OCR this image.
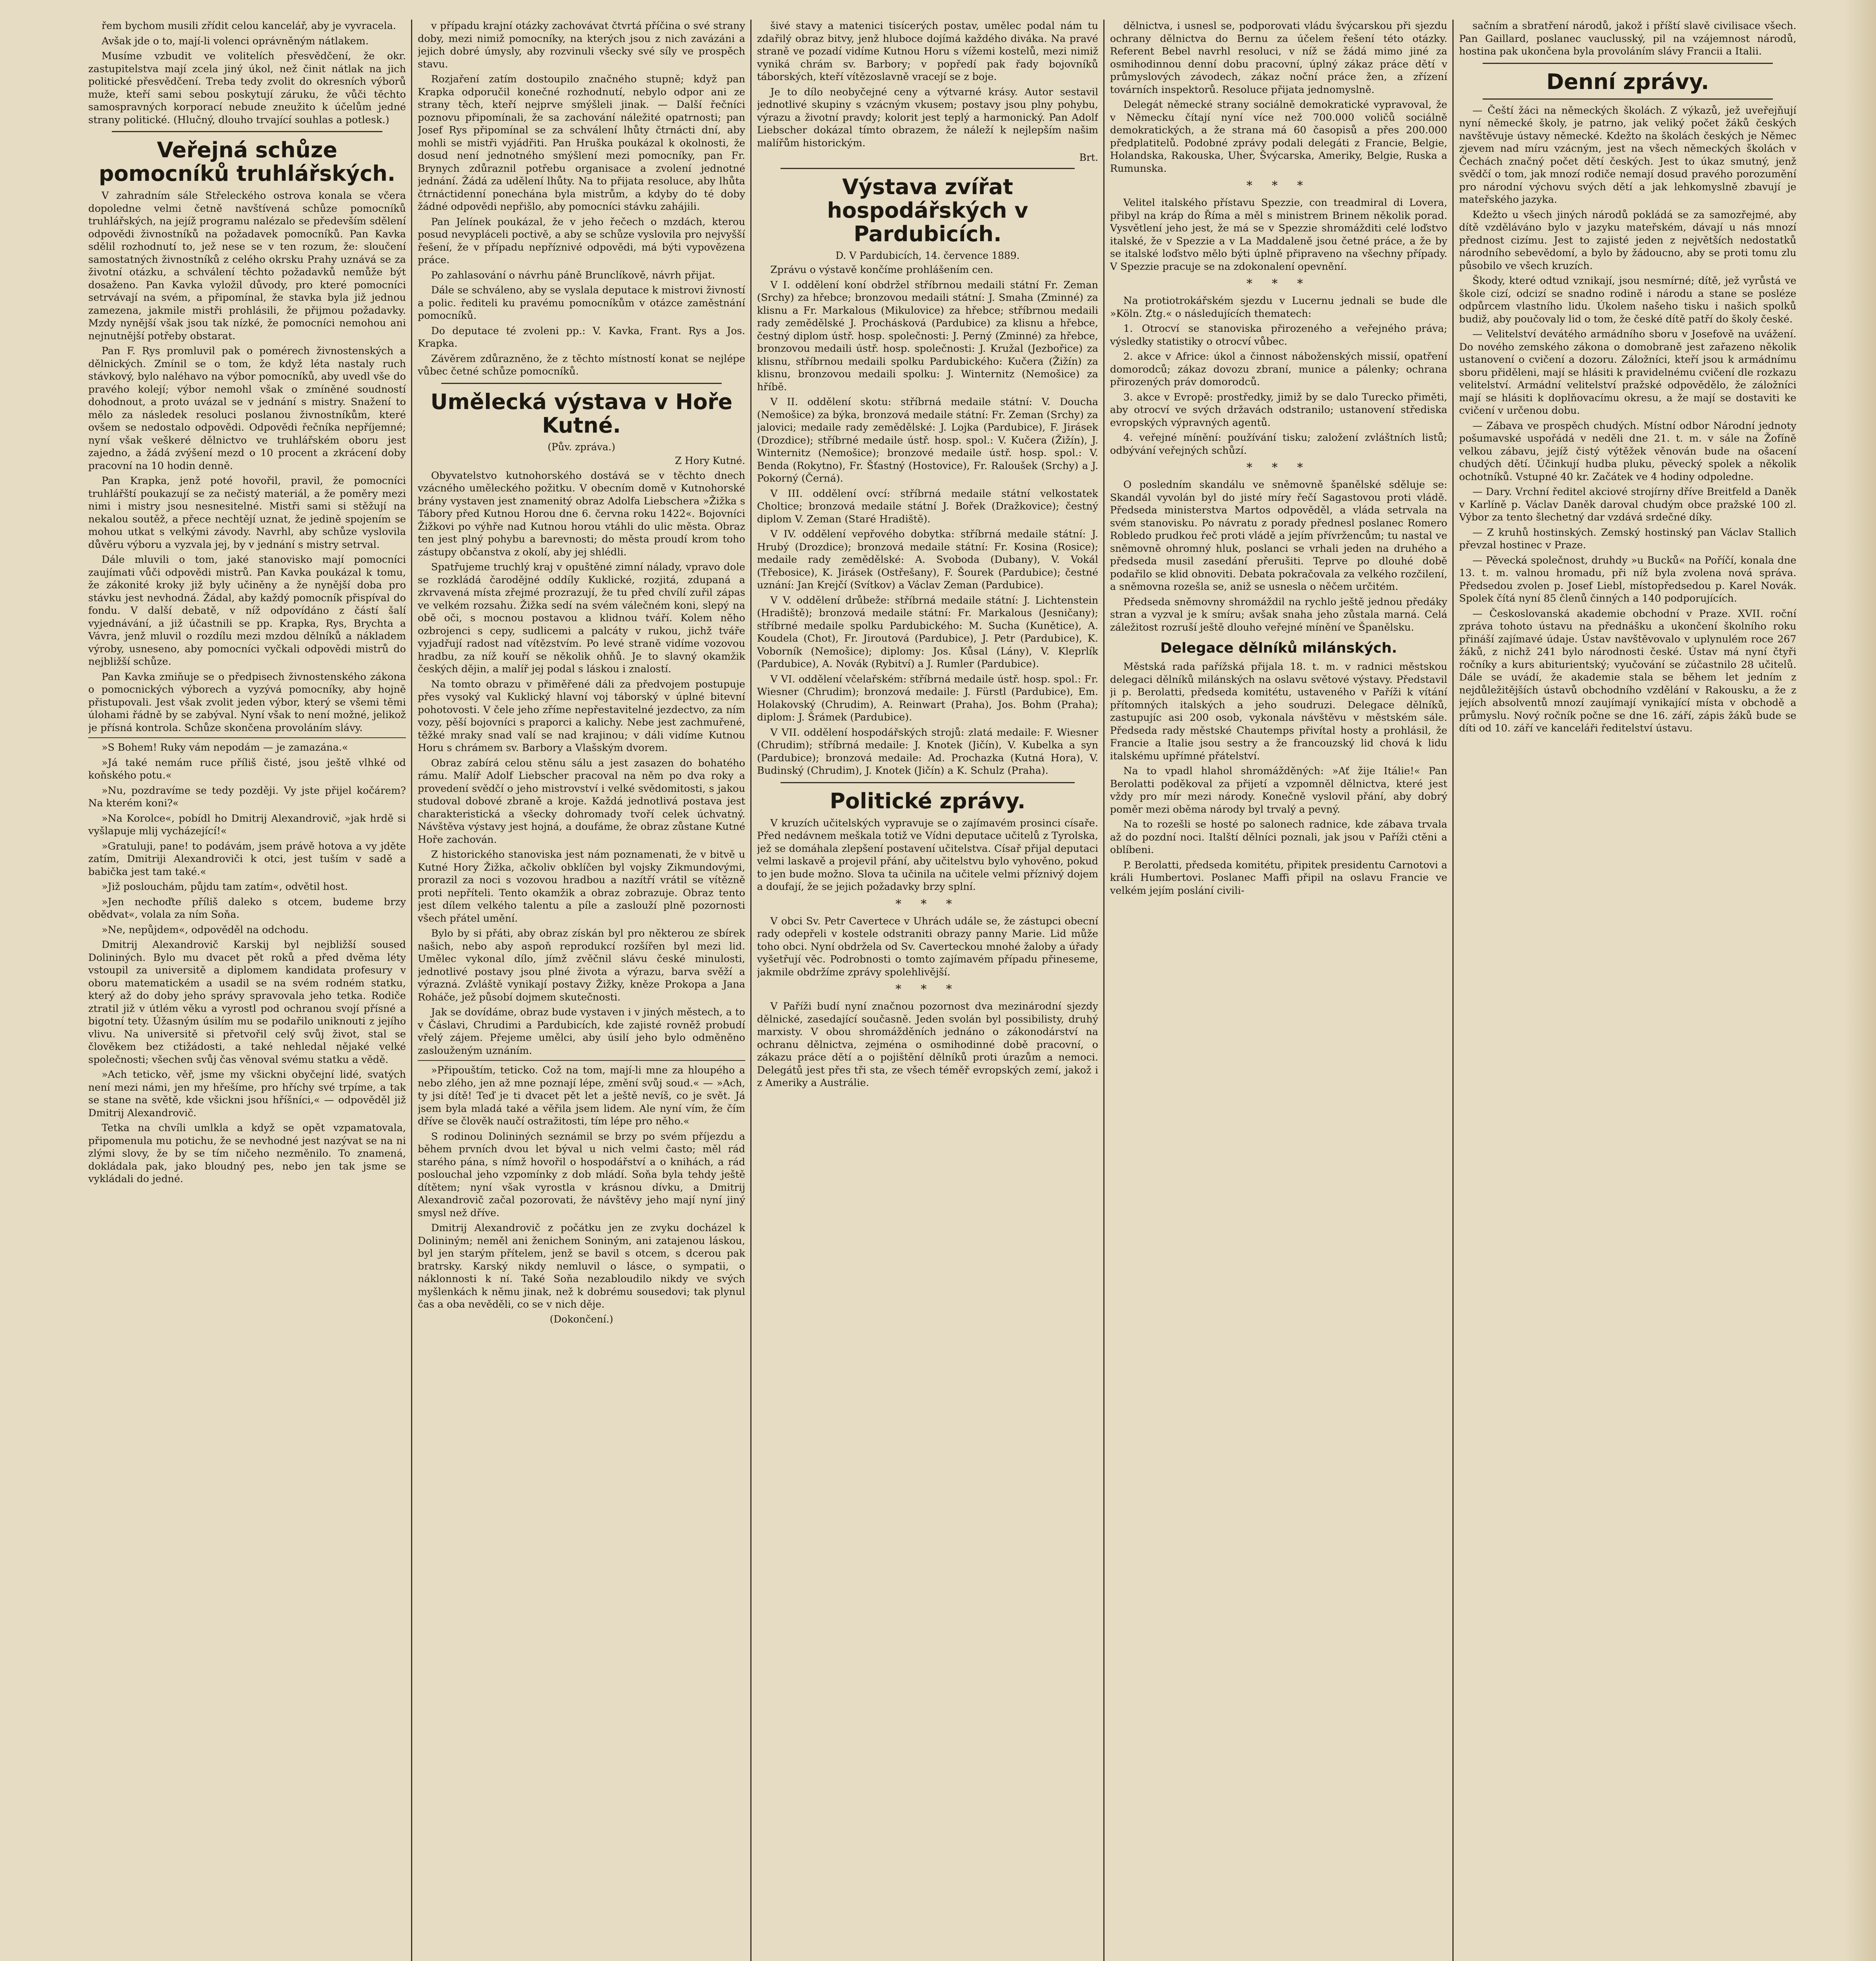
řem bychom musili zřídit celou kancelář, aby je vyvracela.

Avšak jde o to, mají-li volenci oprávněným nátlakem.

Musíme vzbudit ve volitelích přesvědčení, že okr. zastupitelstva mají zcela jiný úkol, než činit nátlak na jich politické přesvědčení. Treba tedy zvolit do okresních výborů muže, kteří sami sebou poskytují záruku, že vůči těchto samospravných korporací nebude zneužito k účelům jedné strany politické. (Hlučný, dlouho trvající souhlas a potlesk.)

Veřejná schůze pomocníků truhlářských.

V zahradním sále Střeleckého ostrova konala se včera dopoledne velmi četně navštívená schůze pomocníků truhlářských, na jejíž programu nalézalo se především sdělení odpovědi živnostníků na požadavek pomocníků. Pan Kavka sdělil rozhodnutí to, jež nese se v ten rozum, že: sloučení samostatných živnostníků z celého okrsku Prahy uznává se za životní otázku, a schválení těchto požadavků nemůže být dosaženo. Pan Kavka vyložil důvody, pro které pomocníci setrvávají na svém, a připomínal, že stavka byla již jednou zamezena, jakmile mistři prohlásili, že přijmou požadavky. Mzdy nynější však jsou tak nízké, že pomocníci nemohou ani nejnutnější potřeby obstarat.

Pan F. Rys promluvil pak o pomérech živnostenských a dělnických. Zmínil se o tom, že když léta nastaly ruch stávkový, bylo naléhavo na výbor pomocníků, aby uvedl vše do pravého kolejí; výbor nemohl však o zmíněné soudností dohodnout, a proto uvázal se v jednání s mistry. Snažení to mělo za následek resoluci poslanou živnostníkům, které ovšem se nedostalo odpovědi. Odpovědi řečníka nepříjemné; nyní však veškeré dělnictvo ve truhlářském oboru jest zajedno, a žádá zvýšení mezd o 10 procent a zkrácení doby pracovní na 10 hodin denně.

Pan Krapka, jenž poté hovořil, pravil, že pomocníci truhlářští poukazují se za nečistý materiál, a že poměry mezi nimi i mistry jsou nesnesitelné. Mistři sami si stěžují na nekalou soutěž, a přece nechtějí uznat, že jedině spojením se mohou utkat s velkými závody. Navrhl, aby schůze vyslovila důvěru výboru a vyzvala jej, by v jednání s mistry setrval.

Dále mluvili o tom, jaké stanovisko mají pomocníci zaujímati vůči odpovědi mistrů. Pan Kavka poukázal k tomu, že zákonité kroky již byly učiněny a že nynější doba pro stávku jest nevhodná. Žádal, aby každý pomocník přispíval do fondu. V další debatě, v níž odpovídáno z částí šalí vyjednávání, a již účastnili se pp. Krapka, Rys, Brychta a Vávra, jenž mluvil o rozdílu mezi mzdou dělníků a nákladem výroby, usneseno, aby pomocníci vyčkali odpovědi mistrů do nejbližší schůze.

Pan Kavka zmiňuje se o předpisech živnostenského zákona o pomocnických výborech a vyzývá pomocníky, aby hojně přistupovali. Jest však zvolit jeden výbor, který se všemi těmi úlohami řádně by se zabýval. Nyní však to není možné, jelikož je přísná kontrola. Schůze skončena provoláním slávy.

»S Bohem! Ruky vám nepodám — je zamazána.«

»Já také nemám ruce příliš čisté, jsou ještě vlhké od koňského potu.«

»Nu, pozdravíme se tedy později. Vy jste přijel kočárem? Na kterém koni?«

»Na Korolce«, pobídl ho Dmitrij Alexandrovič, »jak hrdě si vyšlapuje mlij vycházející!«

»Gratuluji, pane! to podávám, jsem právě hotova a vy jděte zatím, Dmitriji Alexandroviči k otci, jest tuším v sadě a babička jest tam také.«

»Již poslouchám, půjdu tam zatím«, odvětil host.

»Jen nechoďte příliš daleko s otcem, budeme brzy obědvat«, volala za ním Soňa.

»Ne, nepůjdem«, odpověděl na odchodu.

Dmitrij Alexandrovič Karskij byl nejbližší soused Dolininých. Bylo mu dvacet pět roků a před dvěma léty vstoupil za universitě a diplomem kandidata profesury v oboru matematickém a usadil se na svém rodném statku, který až do doby jeho správy spravovala jeho tetka. Rodiče ztratil již v útlém věku a vyrostl pod ochranou svojí přísné a bigotní tety. Úžasným úsilím mu se podařilo uniknouti z jejího vlivu. Na universitě si přetvořil celý svůj život, stal se člověkem bez ctižádosti, a také nehledal nějaké velké společnosti; všechen svůj čas věnoval svému statku a vědě.

»Ach teticko, věř, jsme my všickni obyčejní lidé, svatých není mezi námi, jen my hřešíme, pro hříchy své trpíme, a tak se stane na světě, kde všickni jsou hříšníci,« — odpověděl již Dmitrij Alexandrovič.

Tetka na chvíli umlkla a když se opět vzpamatovala, připomenula mu potichu, že se nevhodné jest nazývat se na ni zlými slovy, že by se tím ničeho nezměnilo. To znamená, dokládala pak, jako bloudný pes, nebo jen tak jsme se vykládali do jedné.

v případu krajní otázky zachovávat čtvrtá příčina o své strany doby, mezi nimiž pomocníky, na kterých jsou z nich zavázáni a jejich dobré úmysly, aby rozvinuli všecky své síly ve prospěch stavu.

Rozjaření zatím dostoupilo značného stupně; když pan Krapka odporučil konečné rozhodnutí, nebylo odpor ani ze strany těch, kteří nejprve smýšleli jinak. — Další řečníci poznovu připomínali, že sa zachování náležité opatrnosti; pan Josef Rys připomínal se za schválení lhůty čtrnácti dní, aby mohli se mistři vyjádřiti. Pan Hruška poukázal k okolnosti, že dosud není jednotného smýšlení mezi pomocníky, pan Fr. Brynych zdůraznil potřebu organisace a zvolení jednotné jednání. Žádá za udělení lhůty. Na to přijata resoluce, aby lhůta čtrnáctidenní ponechána byla mistrům, a kdyby do té doby žádné odpovědi nepřišlo, aby pomocníci stávku zahájili.

Pan Jelínek poukázal, že v jeho řečech o mzdách, kterou posud nevypláceli poctivě, a aby se schůze vyslovila pro nejvyšší řešení, že v případu nepříznivé odpovědi, má býti vypovězena práce.

Po zahlasování o návrhu páně Brunclíkově, návrh přijat.

Dále se schváleno, aby se vyslala deputace k mistrovi živností a polic. řediteli ku pravému pomocníkům v otázce zaměstnání pomocníků.

Do deputace té zvoleni pp.: V. Kavka, Frant. Rys a Jos. Krapka.

Závěrem zdůrazněno, že z těchto místností konat se nejlépe vůbec četné schůze pomocníků.

Umělecká výstava v Hoře Kutné.
(Pův. zpráva.)
Z Hory Kutné.

Obyvatelstvo kutnohorského dostává se v těchto dnech vzácného uměleckého požitku. V obecním domě v Kutnohorské brány vystaven jest znamenitý obraz Adolfa Liebschera »Žižka s Tábory před Kutnou Horou dne 6. června roku 1422«. Bojovníci Žižkovi po výhře nad Kutnou horou vtáhli do ulic města. Obraz ten jest plný pohybu a barevnosti; do města proudí krom toho zástupy občanstva z okolí, aby jej shlédli.

Spatřujeme truchlý kraj v opuštěné zimní nálady, vpravo dole se rozkládá čarodějné oddíly Kuklické, rozjitá, zdupaná a zkrvavená místa zřejmé prozrazují, že tu před chvílí zuřil zápas ve velkém rozsahu. Žižka sedí na svém válečném koni, slepý na obě oči, s mocnou postavou a klidnou tváří. Kolem něho ozbrojenci s cepy, sudlicemi a palcáty v rukou, jichž tváře vyjadřují radost nad vítězstvím. Po levé straně vidíme vozovou hradbu, za níž kouří se několik ohňů. Je to slavný okamžik českých dějin, a malíř jej podal s láskou i znalostí.

Na tomto obrazu v přiměřené dáli za předvojem postupuje přes vysoký val Kuklický hlavní voj táborský v úplné bitevní pohotovosti. V čele jeho zříme nepřestavitelné jezdectvo, za ním vozy, pěší bojovníci s praporci a kalichy. Nebe jest zachmuřené, těžké mraky snad valí se nad krajinou; v dáli vidíme Kutnou Horu s chrámem sv. Barbory a Vlašským dvorem.

Obraz zabírá celou stěnu sálu a jest zasazen do bohatého rámu. Malíř Adolf Liebscher pracoval na něm po dva roky a provedení svědčí o jeho mistrovství i velké svědomitosti, s jakou studoval dobové zbraně a kroje. Každá jednotlivá postava jest charakteristická a všecky dohromady tvoří celek úchvatný. Návštěva výstavy jest hojná, a doufáme, že obraz zůstane Kutné Hoře zachován.

Z historického stanoviska jest nám poznamenati, že v bitvě u Kutné Hory Žižka, ačkoliv obklíčen byl vojsky Zikmundovými, prorazil za noci s vozovou hradbou a nazítří vrátil se vítězně proti nepříteli. Tento okamžik a obraz zobrazuje. Obraz tento jest dílem velkého talentu a píle a zaslouží plně pozornosti všech přátel umění.

Bylo by si přáti, aby obraz získán byl pro některou ze sbírek našich, nebo aby aspoň reprodukcí rozšířen byl mezi lid. Umělec vykonal dílo, jímž zvěčnil slávu české minulosti, jednotlivé postavy jsou plné života a výrazu, barva svěží a výrazná. Zvláště vynikají postavy Žižky, kněze Prokopa a Jana Roháče, jež působí dojmem skutečnosti.

Jak se dovídáme, obraz bude vystaven i v jiných městech, a to v Čáslavi, Chrudimi a Pardubicích, kde zajisté rovněž probudí vřelý zájem. Přejeme umělci, aby úsilí jeho bylo odměněno zaslouženým uznáním.

»Připouštím, teticko. Což na tom, mají-li mne za hloupého a nebo zlého, jen až mne poznají lépe, změní svůj soud.« — »Ach, ty jsi dítě! Teď je ti dvacet pět let a ještě nevíš, co je svět. Já jsem byla mladá také a věřila jsem lidem. Ale nyní vím, že čím dříve se člověk naučí ostražitosti, tím lépe pro něho.«

S rodinou Dolininých seznámil se brzy po svém příjezdu a během prvních dvou let býval u nich velmi často; měl rád starého pána, s nímž hovořil o hospodářství a o knihách, a rád poslouchal jeho vzpomínky z dob mládí. Soňa byla tehdy ještě dítětem; nyní však vyrostla v krásnou dívku, a Dmitrij Alexandrovič začal pozorovati, že návštěvy jeho mají nyní jiný smysl než dříve.

Dmitrij Alexandrovič z počátku jen ze zvyku docházel k Dolininým; neměl ani ženichem Soniným, ani zatajenou láskou, byl jen starým přítelem, jenž se bavil s otcem, s dcerou pak bratrsky. Karský nikdy nemluvil o lásce, o sympatii, o náklonnosti k ní. Také Soňa nezabloudilo nikdy ve svých myšlenkách k němu jinak, než k dobrému sousedovi; tak plynul čas a oba nevěděli, co se v nich děje.

(Dokončení.)

šivé stavy a matenici tisícerých postav, umělec podal nám tu zdařilý obraz bitvy, jenž hluboce dojímá každého diváka. Na pravé straně ve pozadí vidíme Kutnou Horu s vížemi kostelů, mezi nimiž vyniká chrám sv. Barbory; v popředí pak řady bojovníků táborských, kteří vítězoslavně vracejí se z boje.

Je to dílo neobyčejné ceny a výtvarné krásy. Autor sestavil jednotlivé skupiny s vzácným vkusem; postavy jsou plny pohybu, výrazu a životní pravdy; kolorit jest teplý a harmonický. Pan Adolf Liebscher dokázal tímto obrazem, že náleží k nejlepším našim malířům historickým.

Brt.
Výstava zvířat hospodářských v Pardubicích.
D. V Pardubicích, 14. července 1889.

Zprávu o výstavě končíme prohlášením cen.

V I. oddělení koní obdržel stříbrnou medaili státní Fr. Zeman (Srchy) za hřebce; bronzovou medaili státní: J. Smaha (Zminné) za klisnu a Fr. Markalous (Mikulovice) za hřebce; stříbrnou medaili rady zemědělské J. Prochásková (Pardubice) za klisnu a hřebce, čestný diplom ústř. hosp. společnosti: J. Perný (Zminné) za hřebce, bronzovou medaili ústř. hosp. společnosti: J. Kružal (Jezbořice) za klisnu, stříbrnou medaili spolku Pardubického: Kučera (Žižín) za klisnu, bronzovou medaili spolku: J. Winternitz (Nemošice) za hříbě.

V II. oddělení skotu: stříbrná medaile státní: V. Doucha (Nemošice) za býka, bronzová medaile státní: Fr. Zeman (Srchy) za jalovici; medaile rady zemědělské: J. Lojka (Pardubice), F. Jirásek (Drozdice); stříbrné medaile ústř. hosp. spol.: V. Kučera (Žižín), J. Winternitz (Nemošice); bronzové medaile ústř. hosp. spol.: V. Benda (Rokytno), Fr. Šťastný (Hostovice), Fr. Raloušek (Srchy) a J. Pokorný (Černá).

V III. oddělení ovcí: stříbrná medaile státní velkostatek Choltice; bronzová medaile státní J. Bořek (Dražkovice); čestný diplom V. Zeman (Staré Hradiště).

V IV. oddělení vepřového dobytka: stříbrná medaile státní: J. Hrubý (Drozdice); bronzová medaile státní: Fr. Kosina (Rosice); medaile rady zemědělské: A. Svoboda (Dubany), V. Vokál (Třebosice), K. Jirásek (Ostřešany), F. Šourek (Pardubice); čestné uznání: Jan Krejčí (Svítkov) a Václav Zeman (Pardubice).

V V. oddělení drůbeže: stříbrná medaile státní: J. Lichtenstein (Hradiště); bronzová medaile státní: Fr. Markalous (Jesničany); stříbrné medaile spolku Pardubického: M. Sucha (Kunětice), A. Koudela (Chot), Fr. Jiroutová (Pardubice), J. Petr (Pardubice), K. Voborník (Nemošice); diplomy: Jos. Kůsal (Lány), V. Kleprlík (Pardubice), A. Novák (Rybitví) a J. Rumler (Pardubice).

V VI. oddělení včelařském: stříbrná medaile ústř. hosp. spol.: Fr. Wiesner (Chrudim); bronzová medaile: J. Fürstl (Pardubice), Em. Holakovský (Chrudim), A. Reinwart (Praha), Jos. Bohm (Praha); diplom: J. Šrámek (Pardubice).

V VII. oddělení hospodářských strojů: zlatá medaile: F. Wiesner (Chrudim); stříbrná medaile: J. Knotek (Jičín), V. Kubelka a syn (Pardubice); bronzová medaile: Ad. Prochazka (Kutná Hora), V. Budinský (Chrudim), J. Knotek (Jičín) a K. Schulz (Praha).

Politické zprávy.

V kruzích učitelských vypravuje se o zajímavém prosinci císaře. Před nedávnem meškala totiž ve Vídni deputace učitelů z Tyrolska, jež se domáhala zlepšení postavení učitelstva. Císař přijal deputaci velmi laskavě a projevil přání, aby učitelstvu bylo vyhověno, pokud to jen bude možno. Slova ta učinila na učitele velmi příznivý dojem a doufají, že se jejich požadavky brzy splní.

* * *

V obci Sv. Petr Cavertece v Uhrách udále se, že zástupci obecní rady odepřeli v kostele odstraniti obrazy panny Marie. Lid může toho obci. Nyní obdržela od Sv. Caverteckou mnohé žaloby a úřady vyšetřují věc. Podrobnosti o tomto zajímavém případu přineseme, jakmile obdržíme zprávy spolehlivější.

* * *

V Paříži budí nyní značnou pozornost dva mezinárodní sjezdy dělnické, zasedající současně. Jeden svolán byl possibilisty, druhý marxisty. V obou shromážděních jednáno o zákonodárství na ochranu dělnictva, zejména o osmihodinné době pracovní, o zákazu práce dětí a o pojištění dělníků proti úrazům a nemoci. Delegátů jest přes tři sta, ze všech téměř evropských zemí, jakož i z Ameriky a Austrálie.

dělnictva, i usnesl se, podporovati vládu švýcarskou při sjezdu ochrany dělnictva do Bernu za účelem řešení této otázky. Referent Bebel navrhl resoluci, v níž se žádá mimo jiné za osmihodinnou denní dobu pracovní, úplný zákaz práce dětí v průmyslových závodech, zákaz noční práce žen, a zřízení továrních inspektorů. Resoluce přijata jednomyslně.

Delegát německé strany sociálně demokratické vypravoval, že v Německu čítají nyní více než 700.000 voličů sociálně demokratických, a že strana má 60 časopisů a přes 200.000 předplatitelů. Podobné zprávy podali delegáti z Francie, Belgie, Holandska, Rakouska, Uher, Švýcarska, Ameriky, Belgie, Ruska a Rumunska.

* * *

Velitel italského přístavu Spezzie, con treadmiral di Lovera, přibyl na kráp do Říma a měl s ministrem Brinem několik porad. Vysvětlení jeho jest, že má se v Spezzie shromážditi celé loďstvo italské, že v Spezzie a v La Maddaleně jsou četné práce, a že by se italské loďstvo mělo býti úplně připraveno na všechny případy. V Spezzie pracuje se na zdokonalení opevnění.

* * *

Na protiotrokářském sjezdu v Lucernu jednali se bude dle »Köln. Ztg.« o následujících thematech:

1. Otrocví se stanoviska přirozeného a veřejného práva; výsledky statistiky o otrocví vůbec.

2. akce v Africe: úkol a činnost náboženských missií, opatření domorodců; zákaz dovozu zbraní, munice a pálenky; ochrana přirozených práv domorodců.

3. akce v Evropě: prostředky, jimiž by se dalo Turecko přiměti, aby otrocví ve svých državách odstranilo; ustanovení střediska evropských výpravných agentů.

4. veřejné mínění: používání tisku; založení zvláštních listů; odbývání veřejných schůzí.

* * *

O posledním skandálu ve sněmovně španělské sděluje se: Skandál vyvolán byl do jisté míry řečí Sagastovou proti vládě. Předseda ministerstva Martos odpověděl, a vláda setrvala na svém stanovisku. Po návratu z porady přednesl poslanec Romero Robledo prudkou řeč proti vládě a jejím přívržencům; tu nastal ve sněmovně ohromný hluk, poslanci se vrhali jeden na druhého a předseda musil zasedání přerušiti. Teprve po dlouhé době podařilo se klid obnoviti. Debata pokračovala za velkého rozčilení, a sněmovna rozešla se, aniž se usnesla o něčem určitém.

Předseda sněmovny shromáždil na rychlo ještě jednou předáky stran a vyzval je k smíru; avšak snaha jeho zůstala marná. Celá záležitost rozruší ještě dlouho veřejné mínění ve Španělsku.

Delegace dělníků milánských.

Městská rada pařížská přijala 18. t. m. v radnici městskou delegaci dělníků milánských na oslavu světové výstavy. Představil ji p. Berolatti, předseda komitétu, ustaveného v Paříži k vítání přítomných italských a jeho soudruzi. Delegace dělníků, zastupujíc asi 200 osob, vykonala návštěvu v městském sále. Předseda rady městské Chautemps přivítal hosty a prohlásil, že Francie a Italie jsou sestry a že francouzský lid chová k lidu italskému upřímné přátelství.

Na to vpadl hlahol shromážděných: »Ať žije Itálie!« Pan Berolatti poděkoval za přijetí a vzpomněl dělnictva, které jest vždy pro mír mezi národy. Konečně vyslovil přání, aby dobrý poměr mezi oběma národy byl trvalý a pevný.

Na to rozešli se hosté po salonech radnice, kde zábava trvala až do pozdní noci. Italští dělníci poznali, jak jsou v Paříži ctěni a oblíbeni.

P. Berolatti, předseda komitétu, připitek presidentu Carnotovi a králi Humbertovi. Poslanec Maffi připil na oslavu Francie ve velkém jejím poslání civili-

sačním a sbratření národů, jakož i příští slavě civilisace všech. Pan Gaillard, poslanec vauclusský, pil na vzájemnost národů, hostina pak ukončena byla provoláním slávy Francii a Italii.

Denní zprávy.

— Čeští žáci na německých školách. Z výkazů, jež uveřejňují nyní německé školy, je patrno, jak veliký počet žáků českých navštěvuje ústavy německé. Kdežto na školách českých je Němec zjevem nad míru vzácným, jest na všech německých školách v Čechách značný počet dětí českých. Jest to úkaz smutný, jenž svědčí o tom, jak mnozí rodiče nemají dosud pravého porozumění pro národní výchovu svých dětí a jak lehkomyslně zbavují je mateřského jazyka.

Kdežto u všech jiných národů pokládá se za samozřejmé, aby dítě vzděláváno bylo v jazyku mateřském, dávají u nás mnozí přednost cizímu. Jest to zajisté jeden z největších nedostatků národního sebevědomí, a bylo by žádoucno, aby se proti tomu zlu působilo ve všech kruzích.

Škody, které odtud vznikají, jsou nesmírné; dítě, jež vyrůstá ve škole cizí, odcizí se snadno rodině i národu a stane se posléze odpůrcem vlastního lidu. Úkolem našeho tisku i našich spolků budiž, aby poučovaly lid o tom, že české dítě patří do školy české.

— Velitelství devátého armádního sboru v Josefově na uvážení. Do nového zemského zákona o domobraně jest zařazeno několik ustanovení o cvičení a dozoru. Záložníci, kteří jsou k armádnímu sboru přiděleni, mají se hlásiti k pravidelnému cvičení dle rozkazu velitelství. Armádní velitelství pražské odpovědělo, že záložníci mají se hlásiti k doplňovacímu okresu, a že mají se dostaviti ke cvičení v určenou dobu.

— Zábava ve prospěch chudých. Místní odbor Národní jednoty pošumavské uspořádá v neděli dne 21. t. m. v sále na Žofíně velkou zábavu, jejíž čistý výtěžek věnován bude na ošacení chudých dětí. Účinkují hudba pluku, pěvecký spolek a několik ochotníků. Vstupné 40 kr. Začátek ve 4 hodiny odpoledne.

— Dary. Vrchní ředitel akciové strojírny dříve Breitfeld a Daněk v Karlíně p. Václav Daněk daroval chudým obce pražské 100 zl. Výbor za tento šlechetný dar vzdává srdečné díky.

— Z kruhů hostinských. Zemský hostinský pan Václav Stallich převzal hostinec v Praze.

— Pěvecká společnost, druhdy »u Bucků« na Poříčí, konala dne 13. t. m. valnou hromadu, při níž byla zvolena nová správa. Předsedou zvolen p. Josef Liebl, místopředsedou p. Karel Novák. Spolek čítá nyní 85 členů činných a 140 podporujících.

— Českoslovanská akademie obchodní v Praze. XVII. roční zpráva tohoto ústavu na přednášku a ukončení školního roku přináší zajímavé údaje. Ústav navštěvovalo v uplynulém roce 267 žáků, z nichž 241 bylo národnosti české. Ústav má nyní čtyři ročníky a kurs abiturientský; vyučování se zúčastnilo 28 učitelů. Dále se uvádí, že akademie stala se během let jedním z nejdůležitějších ústavů obchodního vzdělání v Rakousku, a že z jejích absolventů mnozí zaujímají vynikající místa v obchodě a průmyslu. Nový ročník počne se dne 16. září, zápis žáků bude se díti od 10. září ve kanceláři ředitelství ústavu.
